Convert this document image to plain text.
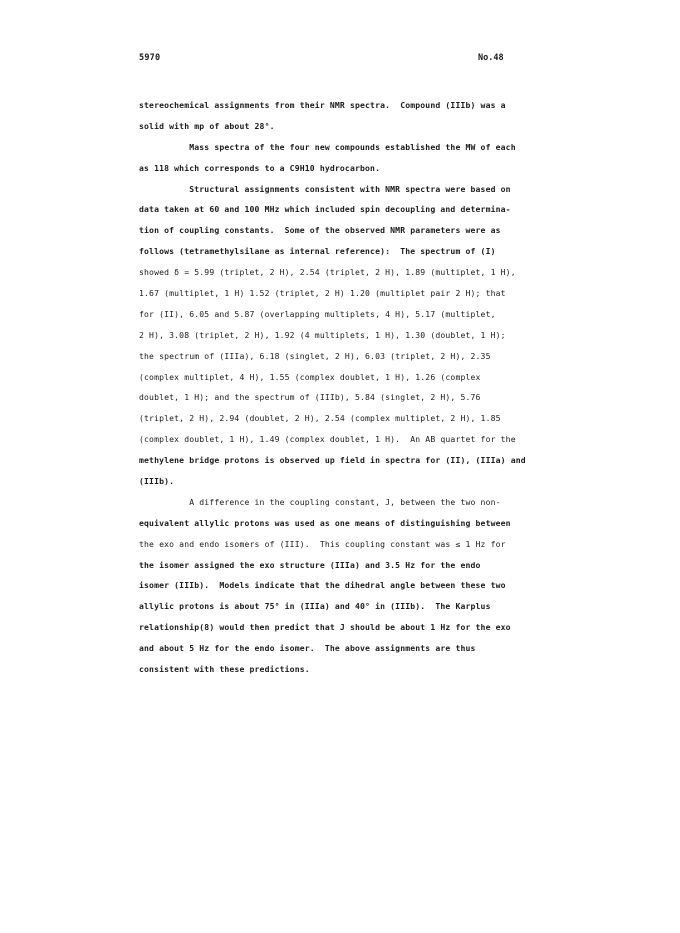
5970	No.48
stereochemical assignments from their NMR spectra.  Compound (IIIb) was a
solid with mp of about 28°.
Mass spectra of the four new compounds established the MW of each
as 118 which corresponds to a C9H10 hydrocarbon.
Structural assignments consistent with NMR spectra were based on
data taken at 60 and 100 MHz which included spin decoupling and determina-
tion of coupling constants.  Some of the observed NMR parameters were as
follows (tetramethylsilane as internal reference):  The spectrum of (I)
showed δ = 5.99 (triplet, 2 H), 2.54 (triplet, 2 H), 1.89 (multiplet, 1 H),
1.67 (multiplet, 1 H) 1.52 (triplet, 2 H) 1.20 (multiplet pair 2 H); that
for (II), 6.05 and 5.87 (overlapping multiplets, 4 H), 5.17 (multiplet,
2 H), 3.08 (triplet, 2 H), 1.92 (4 multiplets, 1 H), 1.30 (doublet, 1 H);
the spectrum of (IIIa), 6.18 (singlet, 2 H), 6.03 (triplet, 2 H), 2.35
(complex multiplet, 4 H), 1.55 (complex doublet, 1 H), 1.26 (complex
doublet, 1 H); and the spectrum of (IIIb), 5.84 (singlet, 2 H), 5.76
(triplet, 2 H), 2.94 (doublet, 2 H), 2.54 (complex multiplet, 2 H), 1.85
(complex doublet, 1 H), 1.49 (complex doublet, 1 H).  An AB quartet for the
methylene bridge protons is observed up field in spectra for (II), (IIIa) and
(IIIb).
A difference in the coupling constant, J, between the two non-
equivalent allylic protons was used as one means of distinguishing between
the exo and endo isomers of (III).  This coupling constant was ≤ 1 Hz for
the isomer assigned the exo structure (IIIa) and 3.5 Hz for the endo
isomer (IIIb).  Models indicate that the dihedral angle between these two
allylic protons is about 75° in (IIIa) and 40° in (IIIb).  The Karplus
relationship(8) would then predict that J should be about 1 Hz for the exo
and about 5 Hz for the endo isomer.  The above assignments are thus
consistent with these predictions.
